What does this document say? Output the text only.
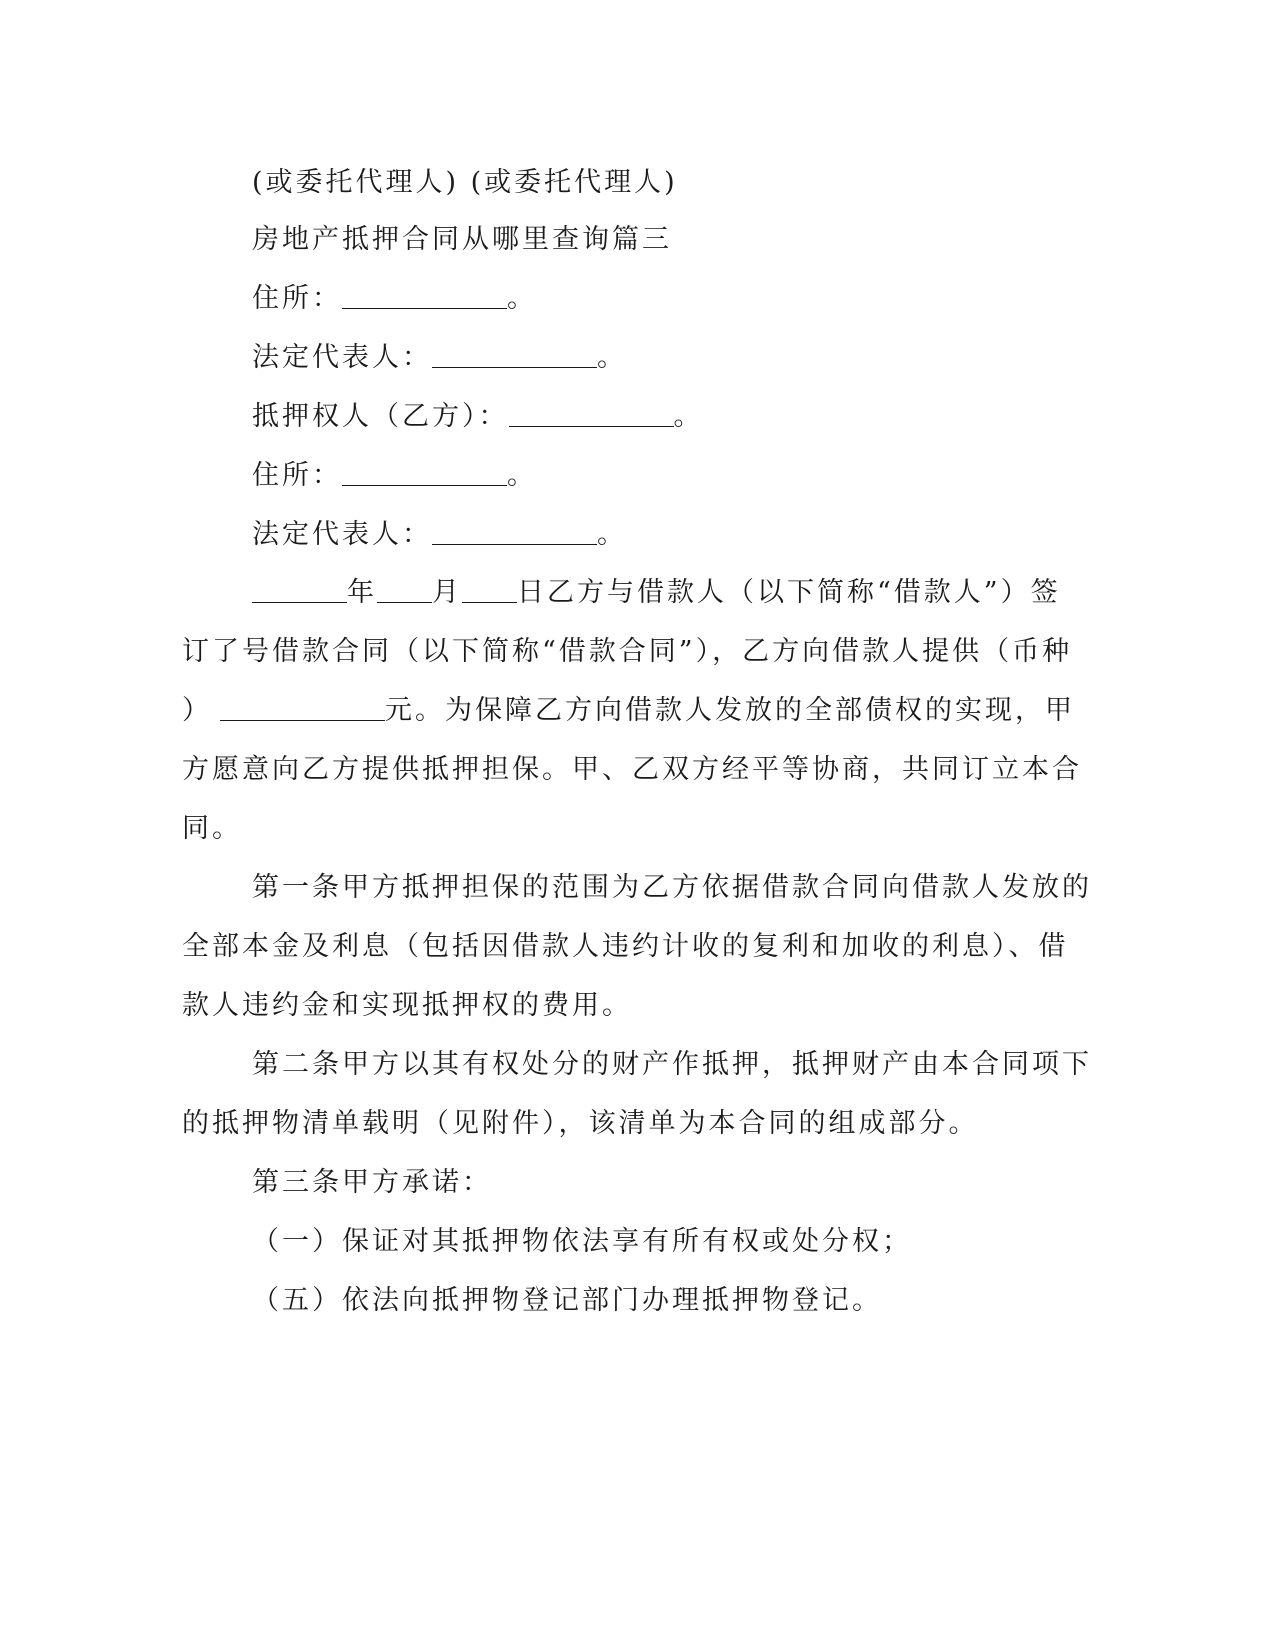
(或委托代理人) (或委托代理人)
房地产抵押合同从哪里查询篇三
住所：	。
法定代表人：	。
抵押权人（乙方）：	。
住所：	。
法定代表人：	。
年 月 日乙方与借款人（以下简称“借款人”）签
订了号借款合同（以下简称“借款合同”），乙方向借款人提供（币种
）	元。为保障乙方向借款人发放的全部债权的实现，甲
方愿意向乙方提供抵押担保。甲、乙双方经平等协商，共同订立本合
同。
第一条甲方抵押担保的范围为乙方依据借款合同向借款人发放的
全部本金及利息（包括因借款人违约计收的复利和加收的利息）、借
款人违约金和实现抵押权的费用。
第二条甲方以其有权处分的财产作抵押，抵押财产由本合同项下
的抵押物清单载明（见附件），该清单为本合同的组成部分。
第三条甲方承诺：
（一）保证对其抵押物依法享有所有权或处分权；
（五）依法向抵押物登记部门办理抵押物登记。
